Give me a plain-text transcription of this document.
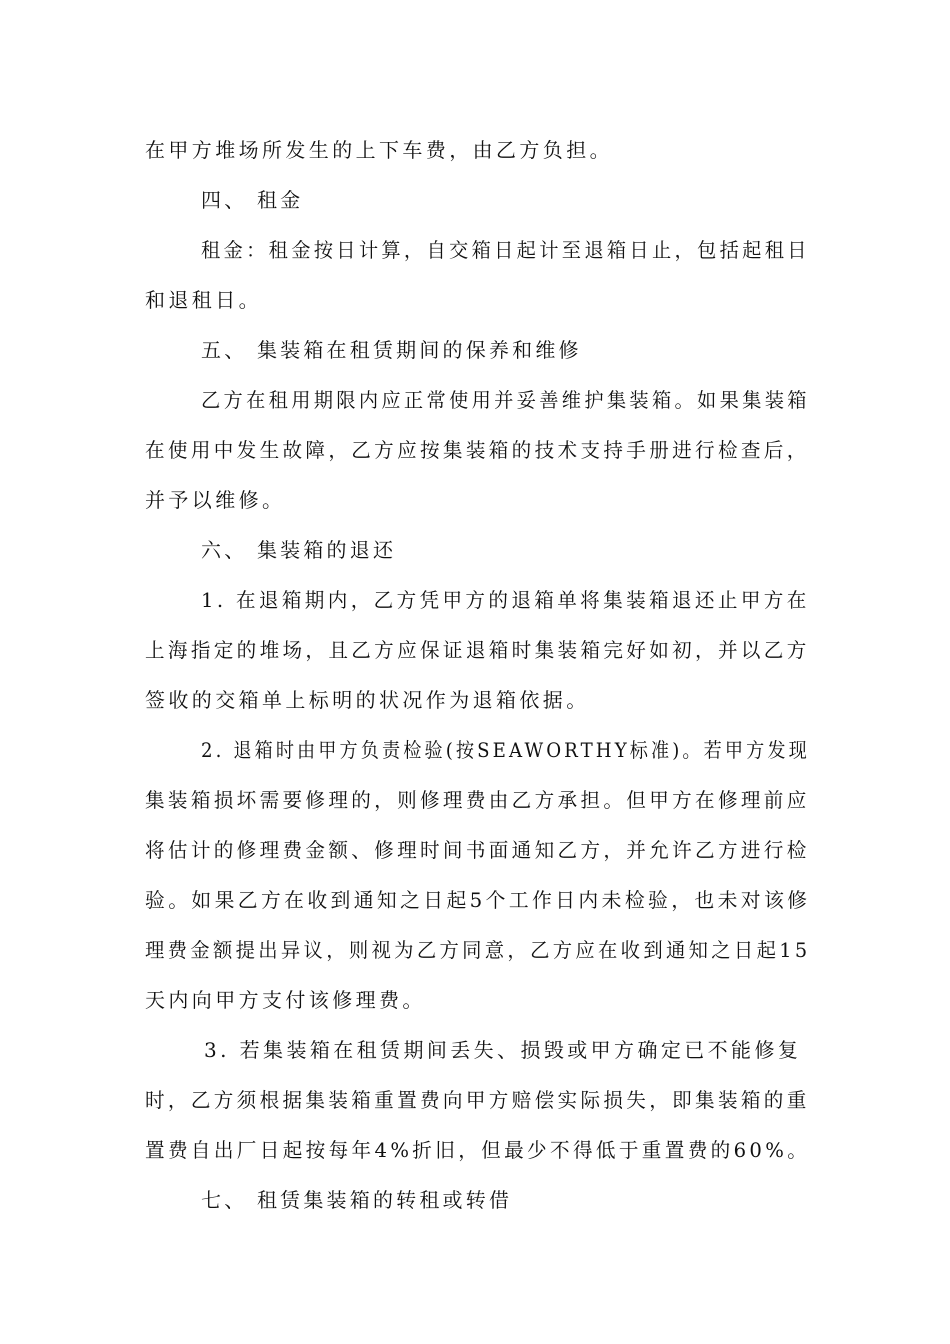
在甲方堆场所发生的上下车费，由乙方负担。
四、 租金
租金：租金按日计算，自交箱日起计至退箱日止，包括起租日
和退租日。
五、 集装箱在租赁期间的保养和维修
乙方在租用期限内应正常使用并妥善维护集装箱。如果集装箱
在使用中发生故障，乙方应按集装箱的技术支持手册进行检查后，
并予以维修。
六、 集装箱的退还
1. 在退箱期内，乙方凭甲方的退箱单将集装箱退还止甲方在
上海指定的堆场，且乙方应保证退箱时集装箱完好如初，并以乙方
签收的交箱单上标明的状况作为退箱依据。
2. 退箱时由甲方负责检验(按SEAWORTHY标准)。若甲方发现
集装箱损坏需要修理的，则修理费由乙方承担。但甲方在修理前应
将估计的修理费金额、修理时间书面通知乙方，并允许乙方进行检
验。如果乙方在收到通知之日起5个工作日内未检验，也未对该修
理费金额提出异议，则视为乙方同意，乙方应在收到通知之日起15
天内向甲方支付该修理费。
3. 若集装箱在租赁期间丢失、损毁或甲方确定已不能修复
时，乙方须根据集装箱重置费向甲方赔偿实际损失，即集装箱的重
置费自出厂日起按每年4%折旧，但最少不得低于重置费的60%。
七、 租赁集装箱的转租或转借
